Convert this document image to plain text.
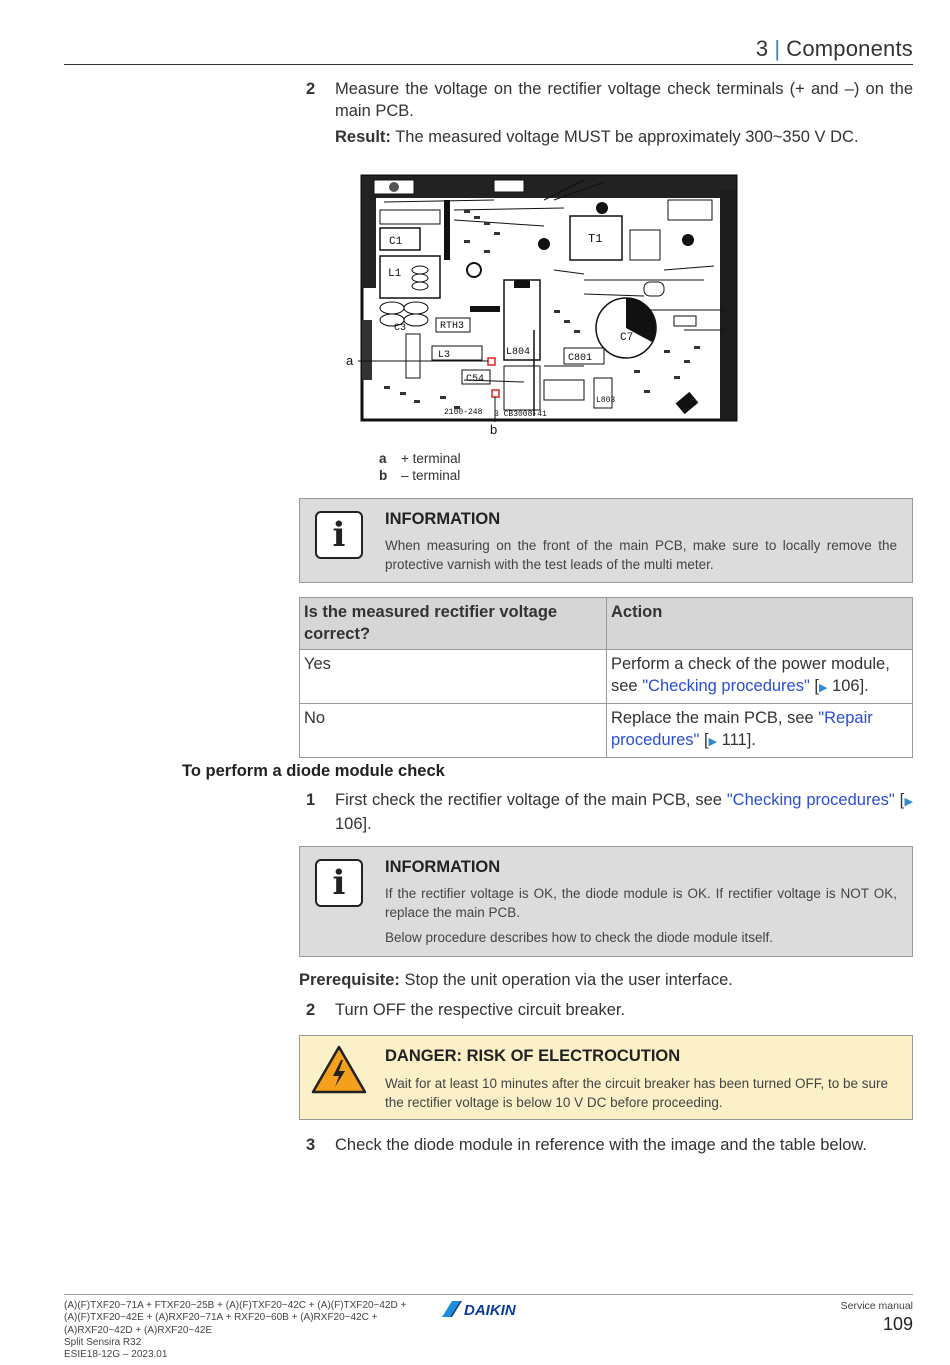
3 | Components
2 Measure the voltage on the rectifier voltage check terminals (+ and –) on the main PCB.
Result: The measured voltage MUST be approximately 300~350 V DC.
C1
L1
C3	RTH3
L3
C54
L804
C801
L803
C7
T1
2100-248 3 CB3008-41
a
b
a + terminal
b – terminal
i	INFORMATION
When measuring on the front of the main PCB, make sure to locally remove the protective varnish with the test leads of the multi meter.
Is the measured rectifier voltage correct?	Action
Yes	Perform a check of the power module, see "Checking procedures" [▶ 106].
No	Replace the main PCB, see "Repair procedures" [▶ 111].
To perform a diode module check
1 First check the rectifier voltage of the main PCB, see "Checking procedures" [▶ 106].
i	INFORMATION
If the rectifier voltage is OK, the diode module is OK. If rectifier voltage is NOT OK, replace the main PCB.
Below procedure describes how to check the diode module itself.
Prerequisite: Stop the unit operation via the user interface.
2 Turn OFF the respective circuit breaker.
DANGER: RISK OF ELECTROCUTION
Wait for at least 10 minutes after the circuit breaker has been turned OFF, to be sure the rectifier voltage is below 10 V DC before proceeding.
3 Check the diode module in reference with the image and the table below.
(A)(F)TXF20~71A + FTXF20~25B + (A)(F)TXF20~42C + (A)(F)TXF20~42D +
(A)(F)TXF20~42E + (A)RXF20~71A + RXF20~60B + (A)RXF20~42C +
(A)RXF20~42D + (A)RXF20~42E
Split Sensira R32
ESIE18-12G – 2023.01
DAIKIN	Service manual
109
